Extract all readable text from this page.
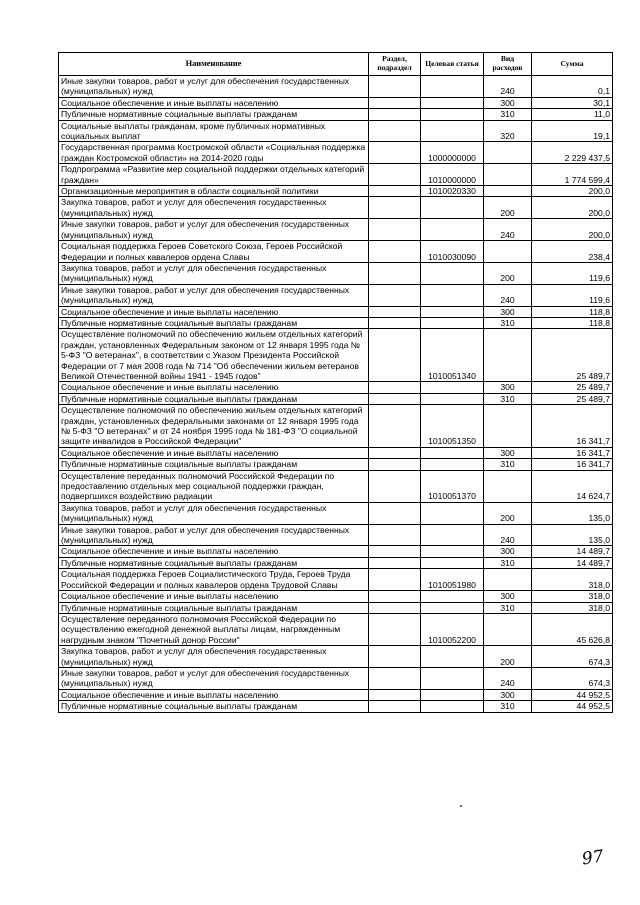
Наименование	Раздел, подраздел	Целевая статья	Вид расходов	Сумма
Иные закупки товаров, работ и услуг для обеспечения государственных (муниципальных) нужд			240	0,1
Социальное обеспечение и иные выплаты населению			300	30,1
Публичные нормативные социальные выплаты гражданам			310	11,0
Социальные выплаты гражданам, кроме публичных нормативных социальных выплат			320	19,1
Государственная программа Костромской области «Социальная поддержка граждан Костромской области» на 2014-2020 годы		1000000000		2 229 437,5
Подпрограмма «Развитие мер социальной поддержки отдельных категорий граждан»		1010000000		1 774 599,4
Организационные мероприятия в области социальной политики		1010020330		200,0
Закупка товаров, работ и услуг для обеспечения государственных (муниципальных) нужд			200	200,0
Иные закупки товаров, работ и услуг для обеспечения государственных (муниципальных) нужд			240	200,0
Социальная поддержка Героев Советского Союза, Героев Российской Федерации и полных кавалеров ордена Славы		1010030090		238,4
Закупка товаров, работ и услуг для обеспечения государственных (муниципальных) нужд			200	119,6
Иные закупки товаров, работ и услуг для обеспечения государственных (муниципальных) нужд			240	119,6
Социальное обеспечение и иные выплаты населению			300	118,8
Публичные нормативные социальные выплаты гражданам			310	118,8
Осуществление полномочий по обеспечению жильем отдельных категорий граждан, установленных Федеральным законом от 12 января 1995 года № 5-ФЗ "О ветеранах", в соответствии с Указом Президента Российской Федерации от 7 мая 2008 года № 714 "Об обеспечении жильем ветеранов Великой Отечественной войны 1941 - 1945 годов"		1010051340		25 489,7
Социальное обеспечение и иные выплаты населению			300	25 489,7
Публичные нормативные социальные выплаты гражданам			310	25 489,7
Осуществление полномочий по обеспечению жильем отдельных категорий граждан, установленных федеральными законами от 12 января 1995 года № 5-ФЗ "О ветеранах" и от 24 ноября 1995 года № 181-ФЗ "О социальной защите инвалидов в Российской Федерации"		1010051350		16 341,7
Социальное обеспечение и иные выплаты населению			300	16 341,7
Публичные нормативные социальные выплаты гражданам			310	16 341,7
Осуществление переданных полномочий Российской Федерации по предоставлению отдельных мер социальной поддержки граждан, подвергшихся воздействию радиации		1010051370		14 624,7
Закупка товаров, работ и услуг для обеспечения государственных (муниципальных) нужд			200	135,0
Иные закупки товаров, работ и услуг для обеспечения государственных (муниципальных) нужд			240	135,0
Социальное обеспечение и иные выплаты населению			300	14 489,7
Публичные нормативные социальные выплаты гражданам			310	14 489,7
Социальная поддержка Героев Социалистического Труда, Героев Труда Российской Федерации и полных кавалеров ордена Трудовой Славы		1010051980		318,0
Социальное обеспечение и иные выплаты населению			300	318,0
Публичные нормативные социальные выплаты гражданам			310	318,0
Осуществление переданного полномочия Российской Федерации по осуществлению ежегодной денежной выплаты лицам, награжденным нагрудным знаком "Почетный донор России"		1010052200		45 626,8
Закупка товаров, работ и услуг для обеспечения государственных (муниципальных) нужд			200	674,3
Иные закупки товаров, работ и услуг для обеспечения государственных (муниципальных) нужд			240	674,3
Социальное обеспечение и иные выплаты населению			300	44 952,5
Публичные нормативные социальные выплаты гражданам			310	44 952,5
97
